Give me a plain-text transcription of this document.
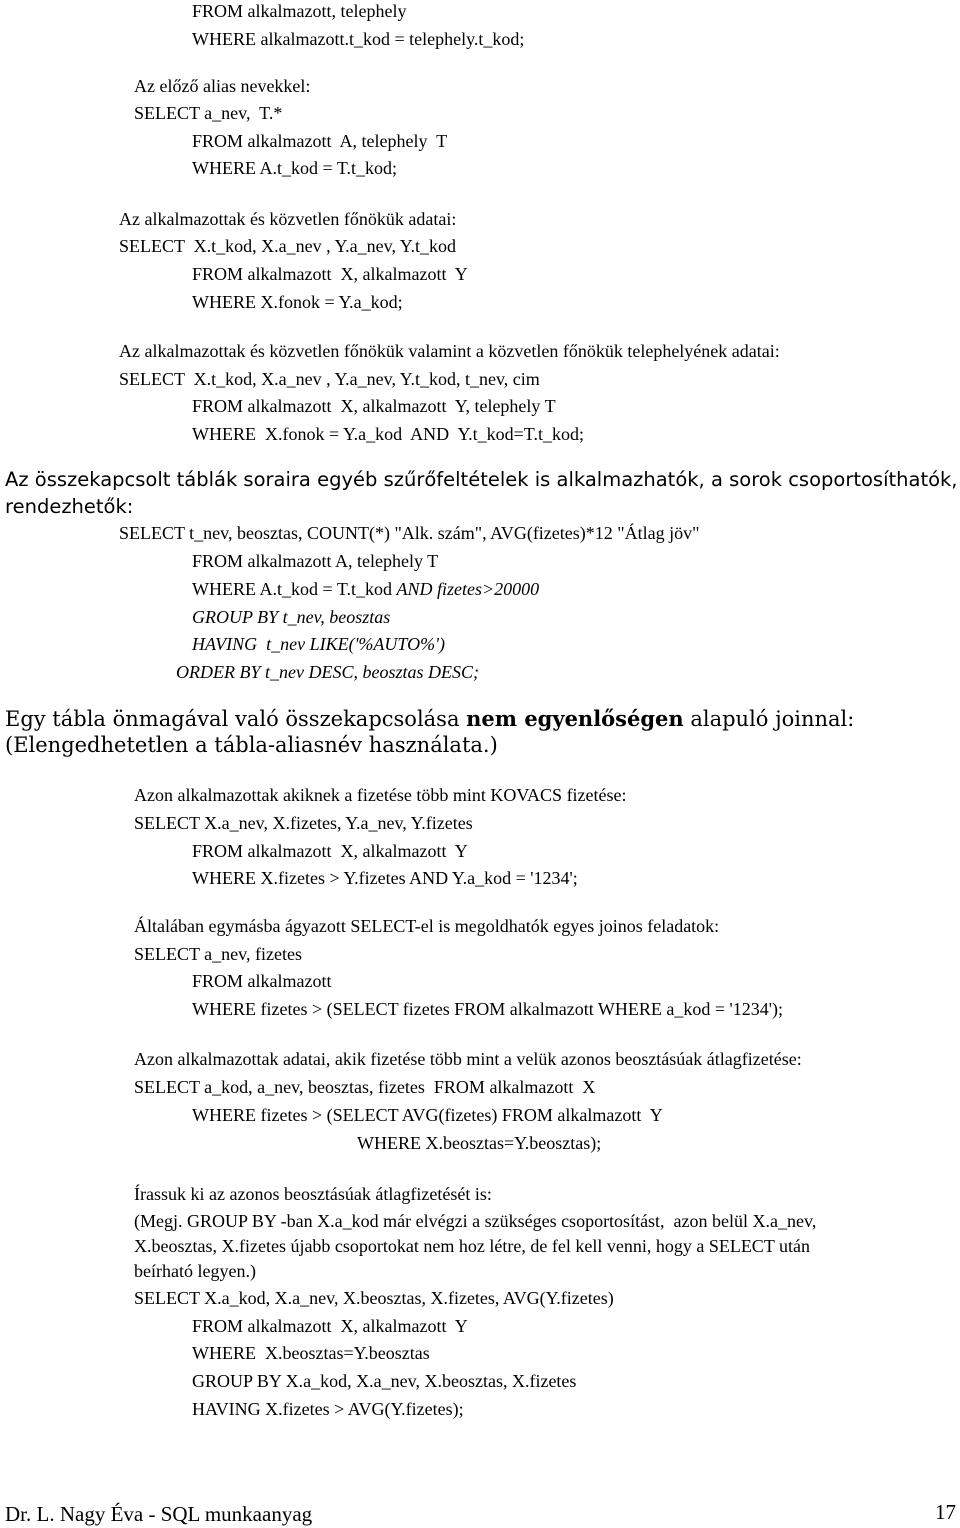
FROM alkalmazott, telephely
WHERE alkalmazott.t_kod = telephely.t_kod;
Az előző alias nevekkel:
SELECT a_nev,  T.*
FROM alkalmazott  A, telephely  T
WHERE A.t_kod = T.t_kod;
Az alkalmazottak és közvetlen főnökük adatai:
SELECT  X.t_kod, X.a_nev , Y.a_nev, Y.t_kod
FROM alkalmazott  X, alkalmazott  Y
WHERE X.fonok = Y.a_kod;
Az alkalmazottak és közvetlen főnökük valamint a közvetlen főnökük telephelyének adatai:
SELECT  X.t_kod, X.a_nev , Y.a_nev, Y.t_kod, t_nev, cim
FROM alkalmazott  X, alkalmazott  Y, telephely T
WHERE  X.fonok = Y.a_kod  AND  Y.t_kod=T.t_kod;
Az összekapcsolt táblák soraira egyéb szűrőfeltételek is alkalmazhatók, a sorok csoportosíthatók,
rendezhetők:
SELECT t_nev, beosztas, COUNT(*) "Alk. szám", AVG(fizetes)*12 "Átlag jöv"
FROM alkalmazott A, telephely T
WHERE A.t_kod = T.t_kod AND fizetes>20000
GROUP BY t_nev, beosztas
HAVING  t_nev LIKE('%AUTO%')
ORDER BY t_nev DESC, beosztas DESC;
Egy tábla önmagával való összekapcsolása nem egyenlőségen alapuló joinnal:
(Elengedhetetlen a tábla-aliasnév használata.)
Azon alkalmazottak akiknek a fizetése több mint KOVACS fizetése:
SELECT X.a_nev, X.fizetes, Y.a_nev, Y.fizetes
FROM alkalmazott  X, alkalmazott  Y
WHERE X.fizetes > Y.fizetes AND Y.a_kod = '1234';
Általában egymásba ágyazott SELECT-el is megoldhatók egyes joinos feladatok:
SELECT a_nev, fizetes
FROM alkalmazott
WHERE fizetes > (SELECT fizetes FROM alkalmazott WHERE a_kod = '1234');
Azon alkalmazottak adatai, akik fizetése több mint a velük azonos beosztásúak átlagfizetése:
SELECT a_kod, a_nev, beosztas, fizetes  FROM alkalmazott  X
WHERE fizetes > (SELECT AVG(fizetes) FROM alkalmazott  Y
WHERE X.beosztas=Y.beosztas);
Írassuk ki az azonos beosztásúak átlagfizetését is:
(Megj. GROUP BY -ban X.a_kod már elvégzi a szükséges csoportosítást,  azon belül X.a_nev,
X.beosztas, X.fizetes újabb csoportokat nem hoz létre, de fel kell venni, hogy a SELECT után
beírható legyen.)
SELECT X.a_kod, X.a_nev, X.beosztas, X.fizetes, AVG(Y.fizetes)
FROM alkalmazott  X, alkalmazott  Y
WHERE  X.beosztas=Y.beosztas
GROUP BY X.a_kod, X.a_nev, X.beosztas, X.fizetes
HAVING X.fizetes > AVG(Y.fizetes);
Dr. L. Nagy Éva - SQL munkaanyag	17
